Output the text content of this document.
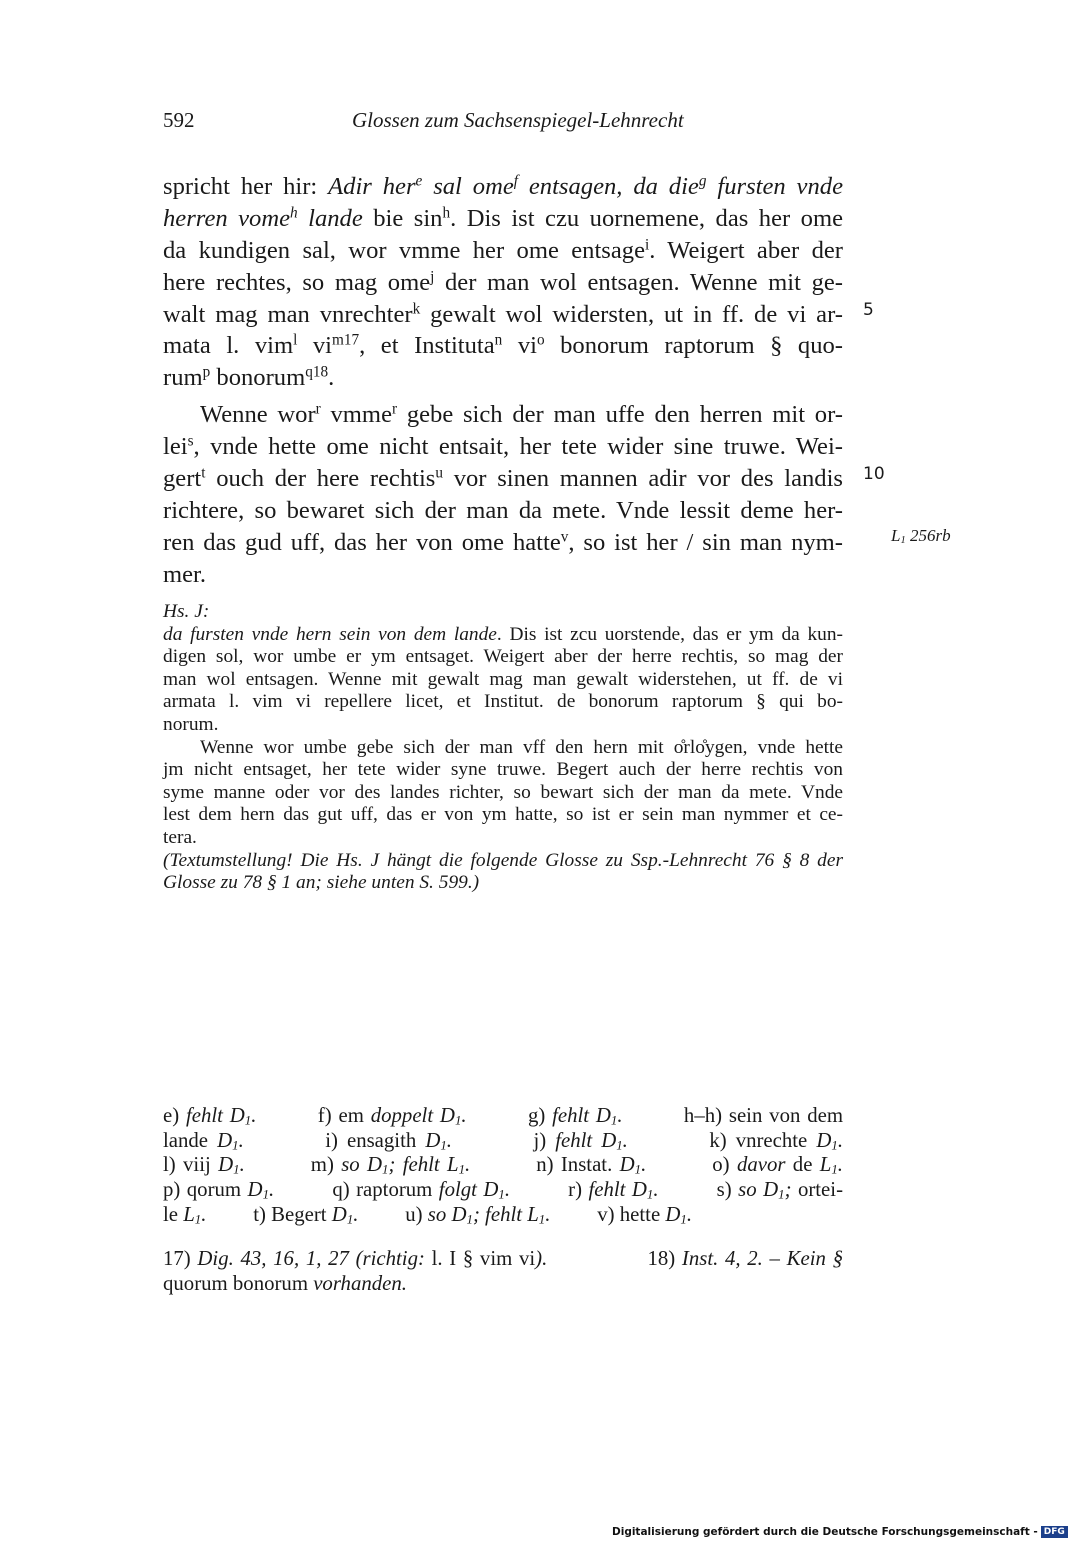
592	Glossen zum Sachsenspiegel-Lehnrecht
spricht her hir: Adir her$^e$ sal ome$^f$ entsagen, da die$^g$ fursten vnde
herren vome$^h$ lande bie $\sin^h$. Dis ist czu uornemene, das her ome
da kundigen sal, wor vmme her ome entsage$^i$. Weigert aber der
here rechtes, so mag ome$^j$ der man wol entsagen. Wenne mit ge-
walt mag man vnrechter$^k$ gewalt wol widersten, ut in ff. de vi ar-
mata l. vim$^l$ $vi^{m17}$, et Instituta$^n$ $vi^o$ bonorum raptorum § quo-
rum$^p$ bonorum$^{q18}$.
Wenne wor$^r$ vmme$^r$ gebe sich der man uffe den herren mit or-
lei$^s$, vnde hette ome nicht entsait, her tete wider sine truwe. Wei-
gert$^t$ ouch der here rechtis$^u$ vor sinen mannen adir vor des landis
richtere, so bewaret sich der man da mete. Vnde lessit deme her-
ren das gud uff, das her von ome hatte$^v$, so ist her / sin man nym-
mer.
5
10
$L_1$ 256rb
Hs. J:
da fursten vnde hern sein von dem lande. Dis ist zcu uorstende, das er ym da kun-
digen sol, wor umbe er ym entsaget. Weigert aber der herre rechtis, so mag der
man wol entsagen. Wenne mit gewalt mag man gewalt widerstehen, ut ff. de vi
armata l. vim vi repellere licet, et Institut. de bonorum raptorum § qui bo-
norum.
Wenne wor umbe gebe sich der man vff den hern mit o̊rlo̊ygen, vnde hette
jm nicht entsaget, her tete wider syne truwe. Begert auch der herre rechtis von
syme manne oder vor des landes richter, so bewart sich der man da mete. Vnde
lest dem hern das gut uff, das er von ym hatte, so ist er sein man nymmer et ce-
tera.
(Textumstellung! Die Hs. J hängt die folgende Glosse zu Ssp.-Lehnrecht 76 § 8 der
Glosse zu 78 § 1 an; siehe unten S. 599.)
e) fehlt $D_1$.         f) em doppelt $D_1$.         g) fehlt $D_1$.         h–h) sein von dem
lande $D_1$.         i) ensagith $D_1$.         j) fehlt $D_1$.         k) vnrechte $D_1$.
l) viij $D_1$.         m) so $D_1$; fehlt $L_1$.         n) Instat. $D_1$.         o) davor de $L_1$.
p) qorum $D_1$.         q) raptorum folgt $D_1$.         r) fehlt $D_1$.         s) so $D_1$; ortei-
le $L_1$.         t) Begert $D_1$.         u) so $D_1$; fehlt $L_1$.         v) hette $D_1$.
17) Dig. 43, 16, 1, 27 (richtig: l. I § vim vi).               18) Inst. 4, 2. – Kein §
quorum bonorum vorhanden.
Digitalisierung gefördert durch die Deutsche Forschungsgemeinschaft - DFG
